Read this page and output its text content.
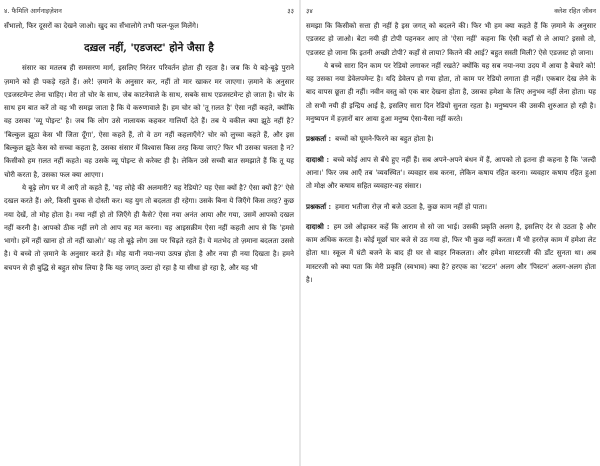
४. फैमिलि आर्गनाइज़ेशन	३३

सँभालो, फिर दूसरों का देखने जाओ। खुद का सँभालोगे तभी फल-फूल मिलेंगे।

दख़ल नहीं, 'एडजस्ट' होने जैसा है

संसार का मतलब ही समसरण मार्ग, इसलिए निरंतर परिवर्तन होता ही रहता है। जब कि ये बड़े-बूढ़े पुराने ज़माने को ही पकड़े रहते हैं। अरे! ज़माने के अनुसार कर, नहीं तो मार खाकर मर जाएगा। ज़माने के अनुसार एडजस्टमेन्ट लेना चाहिए। मेरा तो चोर के साथ, जेब काटनेवाले के साथ, सबके साथ एडजस्टमेन्ट हो जाता है। चोर के साथ हम बात करें तो वह भी समझ जाता है कि ये करुणावाले हैं। हम चोर को 'तू ग़लत है' ऐसा नहीं कहते, क्योंकि वह उसका 'व्यू पोइन्ट' है। जब कि लोग उसे नालायक कहकर गालियाँ देते हैं। तब ये वकील क्या झूठे नहीं है? 'बिल्कुल झूठा केस भी जिता दूँगा', ऐसा कहते हैं, तो वे ठग नहीं कहलाएँगे? चोर को लुच्चा कहते हैं, और इस बिल्कुल झूठे केस को सच्चा कहता है, उसका संसार में विश्वास किस तरह किया जाए? फिर भी उसका चलता है न? किसीको हम ग़लत नहीं कहते। वह उसके व्यू पोइन्ट से करेक्ट ही है। लेकिन उसे सच्ची बात समझाते हैं कि तू यह चोरी करता है, उसका फल क्या आएगा।

ये बूढ़े लोग घर में आएँ तो कहते हैं, 'यह लोहे की अलमारी? यह रेडियो? यह ऐसा क्यों है? ऐसा क्यों है?' ऐसे दखल करते हैं। अरे, किसी युवक से दोस्ती कर। यह युग तो बदलता ही रहेगा। उसके बिना ये जिएँगे किस तरह? कुछ नया देखें, तो मोह होता है। नया नहीं हो तो जिएँगे ही कैसे? ऐसा नया अनंत आया और गया, उसमें आपको दखल नहीं करनी है। आपको ठीक नहीं लगे तो आप वह मत करना। यह आइसक्रीम ऐसा नहीं कहती आप से कि 'हमसे भागो। हमें नहीं खाना हो तो नहीं खाओ।' यह तो बूढ़े लोग उस पर चिढ़ते रहते हैं। ये मतभेद तो ज़माना बदलता उससे है। ये बच्चे तो ज़माने के अनुसार करते हैं। मोह यानी नया-नया उत्पन्न होता है और नया ही नया दिखता है। हमने बचपन से ही बुद्धि से बहुत सोच लिया है कि यह जगत् उल्टा हो रहा है या सीधा हो रहा है, और यह भी

३४	क्लेश रहित जीवन

समझा कि किसीको सत्ता ही नहीं है इस जगत् को बदलने की। फिर भी हम क्या कहते हैं कि ज़माने के अनुसार एडजस्ट हो जाओ। बेटा नयी ही टोपी पहनकर आए तो 'ऐसा नहीं' कहना कि ऐसी कहाँ से ले आया? इससे तो, एडजस्ट हो जाना कि इतनी अच्छी टोपी? कहाँ से लाया? कितने की आई? बहुत सस्ती मिली? ऐसे एडजस्ट हो जाना।

ये बच्चे सारा दिन काम पर रेडियो लगाकर नहीं रखते? क्योंकि यह सब नया-नया उदय में आया है बेचारे को! यह उसका नया डेवेलपमेन्ट है। यदि डेवेलप हो गया होता, तो काम पर रेडियो लगाता ही नहीं। एकबार देख लेने के बाद वापस छूता ही नहीं। नवीन वस्तु को एक बार देखना होता है, उसका हमेशा के लिए अनुभव नहीं लेना होता। यह तो सभी नयी ही इन्द्रिय आई है, इसलिए सारा दिन रेडियो सुनता रहता है। मनुष्यपन की उसकी शुरुआत हो रही है। मनुष्यपन में हज़ारों बार आया हुआ मनुष्य ऐसा-वैसा नहीं करते।

प्रश्नकर्ता : बच्चों को घूमने-फिरने का बहुत होता है।

दादाश्री : बच्चे कोई आप से बँधे हुए नहीं हैं। सब अपने-अपने बंधन में हैं, आपको तो इतना ही कहना है कि 'जल्दी आना।' फिर जब आएँ तब 'व्यवस्थित'। व्यवहार सब करना, लेकिन कषाय रहित करना। व्यवहार कषाय रहित हुआ तो मोक्ष और कषाय सहित व्यवहार-वह संसार।

प्रश्नकर्ता : हमारा भतीजा रोज़ नौ बजे उठता है, कुछ काम नहीं हो पाता।

दादाश्री : हम उसे ओढ़ाकर कहें कि आराम से सो जा भाई। उसकी प्रकृति अलग है, इसलिए देर से उठता है और काम अधिक करता है। कोई मूर्छा चार बजे से उठ गया हो, फिर भी कुछ नहीं करता। मैं भी हररोज़ काम में हमेशा लेट होता था। स्कूल में घंटी बजने के बाद ही घर से बाहर निकलता। और हमेशा मास्टरजी की डाँट सुनता था। अब मास्टरजी को क्या पता कि मेरी प्रकृति (स्वभाव) क्या है? हरएक का 'स्टटन' अलग और 'पिस्टन' अलग-अलग होता है।
